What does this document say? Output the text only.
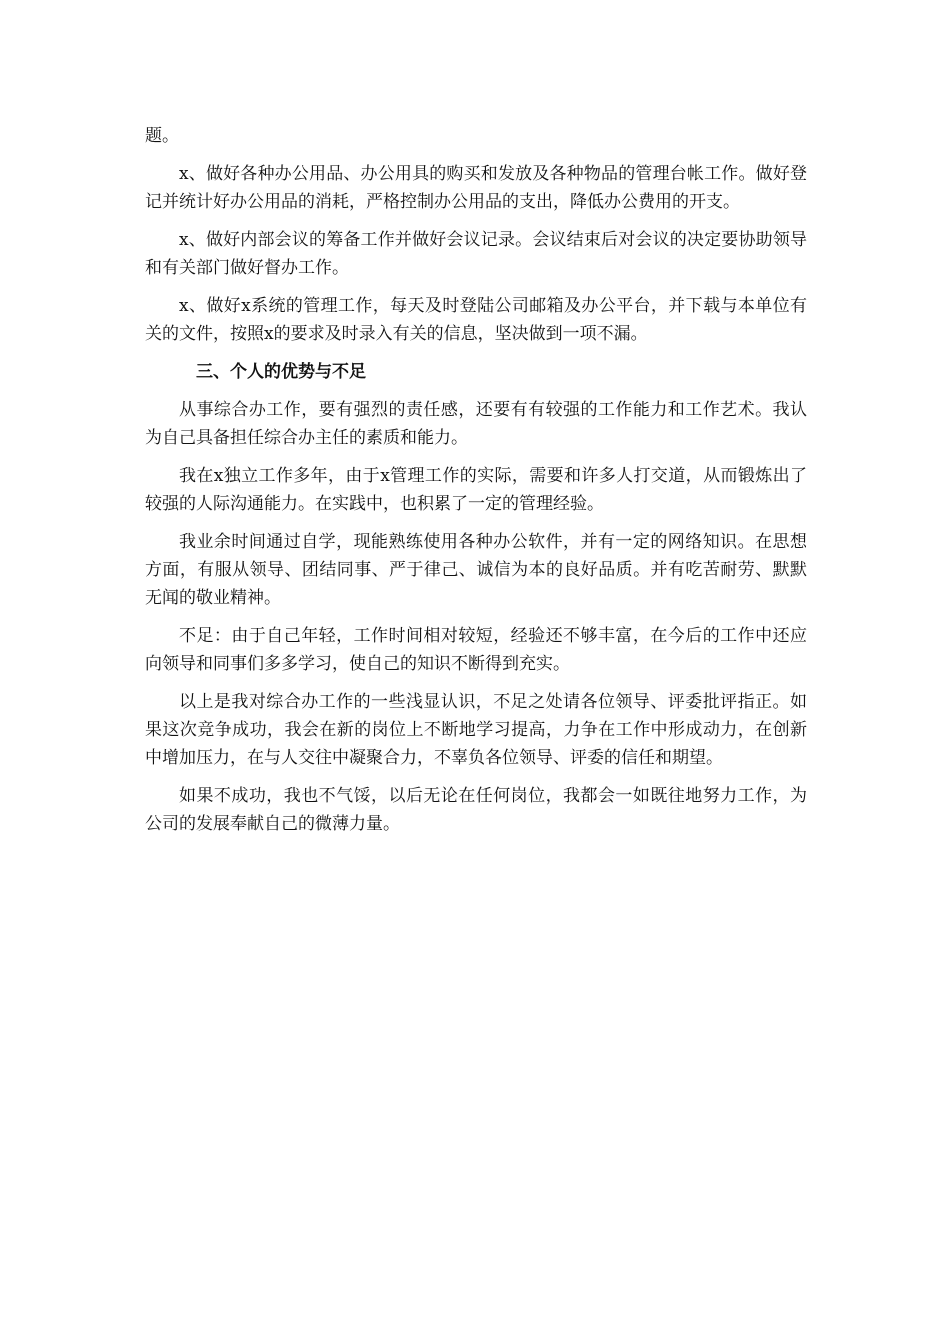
题。

x、做好各种办公用品、办公用具的购买和发放及各种物品的管理台帐工作。做好登记并统计好办公用品的消耗，严格控制办公用品的支出，降低办公费用的开支。

x、做好内部会议的筹备工作并做好会议记录。会议结束后对会议的决定要协助领导和有关部门做好督办工作。

x、做好x系统的管理工作，每天及时登陆公司邮箱及办公平台，并下载与本单位有关的文件，按照x的要求及时录入有关的信息，坚决做到一项不漏。

三、个人的优势与不足

从事综合办工作，要有强烈的责任感，还要有有较强的工作能力和工作艺术。我认为自己具备担任综合办主任的素质和能力。

我在x独立工作多年，由于x管理工作的实际，需要和许多人打交道，从而锻炼出了较强的人际沟通能力。在实践中，也积累了一定的管理经验。

我业余时间通过自学，现能熟练使用各种办公软件，并有一定的网络知识。在思想方面，有服从领导、团结同事、严于律己、诚信为本的良好品质。并有吃苦耐劳、默默无闻的敬业精神。

不足：由于自己年轻，工作时间相对较短，经验还不够丰富，在今后的工作中还应向领导和同事们多多学习，使自己的知识不断得到充实。

以上是我对综合办工作的一些浅显认识，不足之处请各位领导、评委批评指正。如果这次竞争成功，我会在新的岗位上不断地学习提高，力争在工作中形成动力，在创新中增加压力，在与人交往中凝聚合力，不辜负各位领导、评委的信任和期望。

如果不成功，我也不气馁，以后无论在任何岗位，我都会一如既往地努力工作，为公司的发展奉献自己的微薄力量。
